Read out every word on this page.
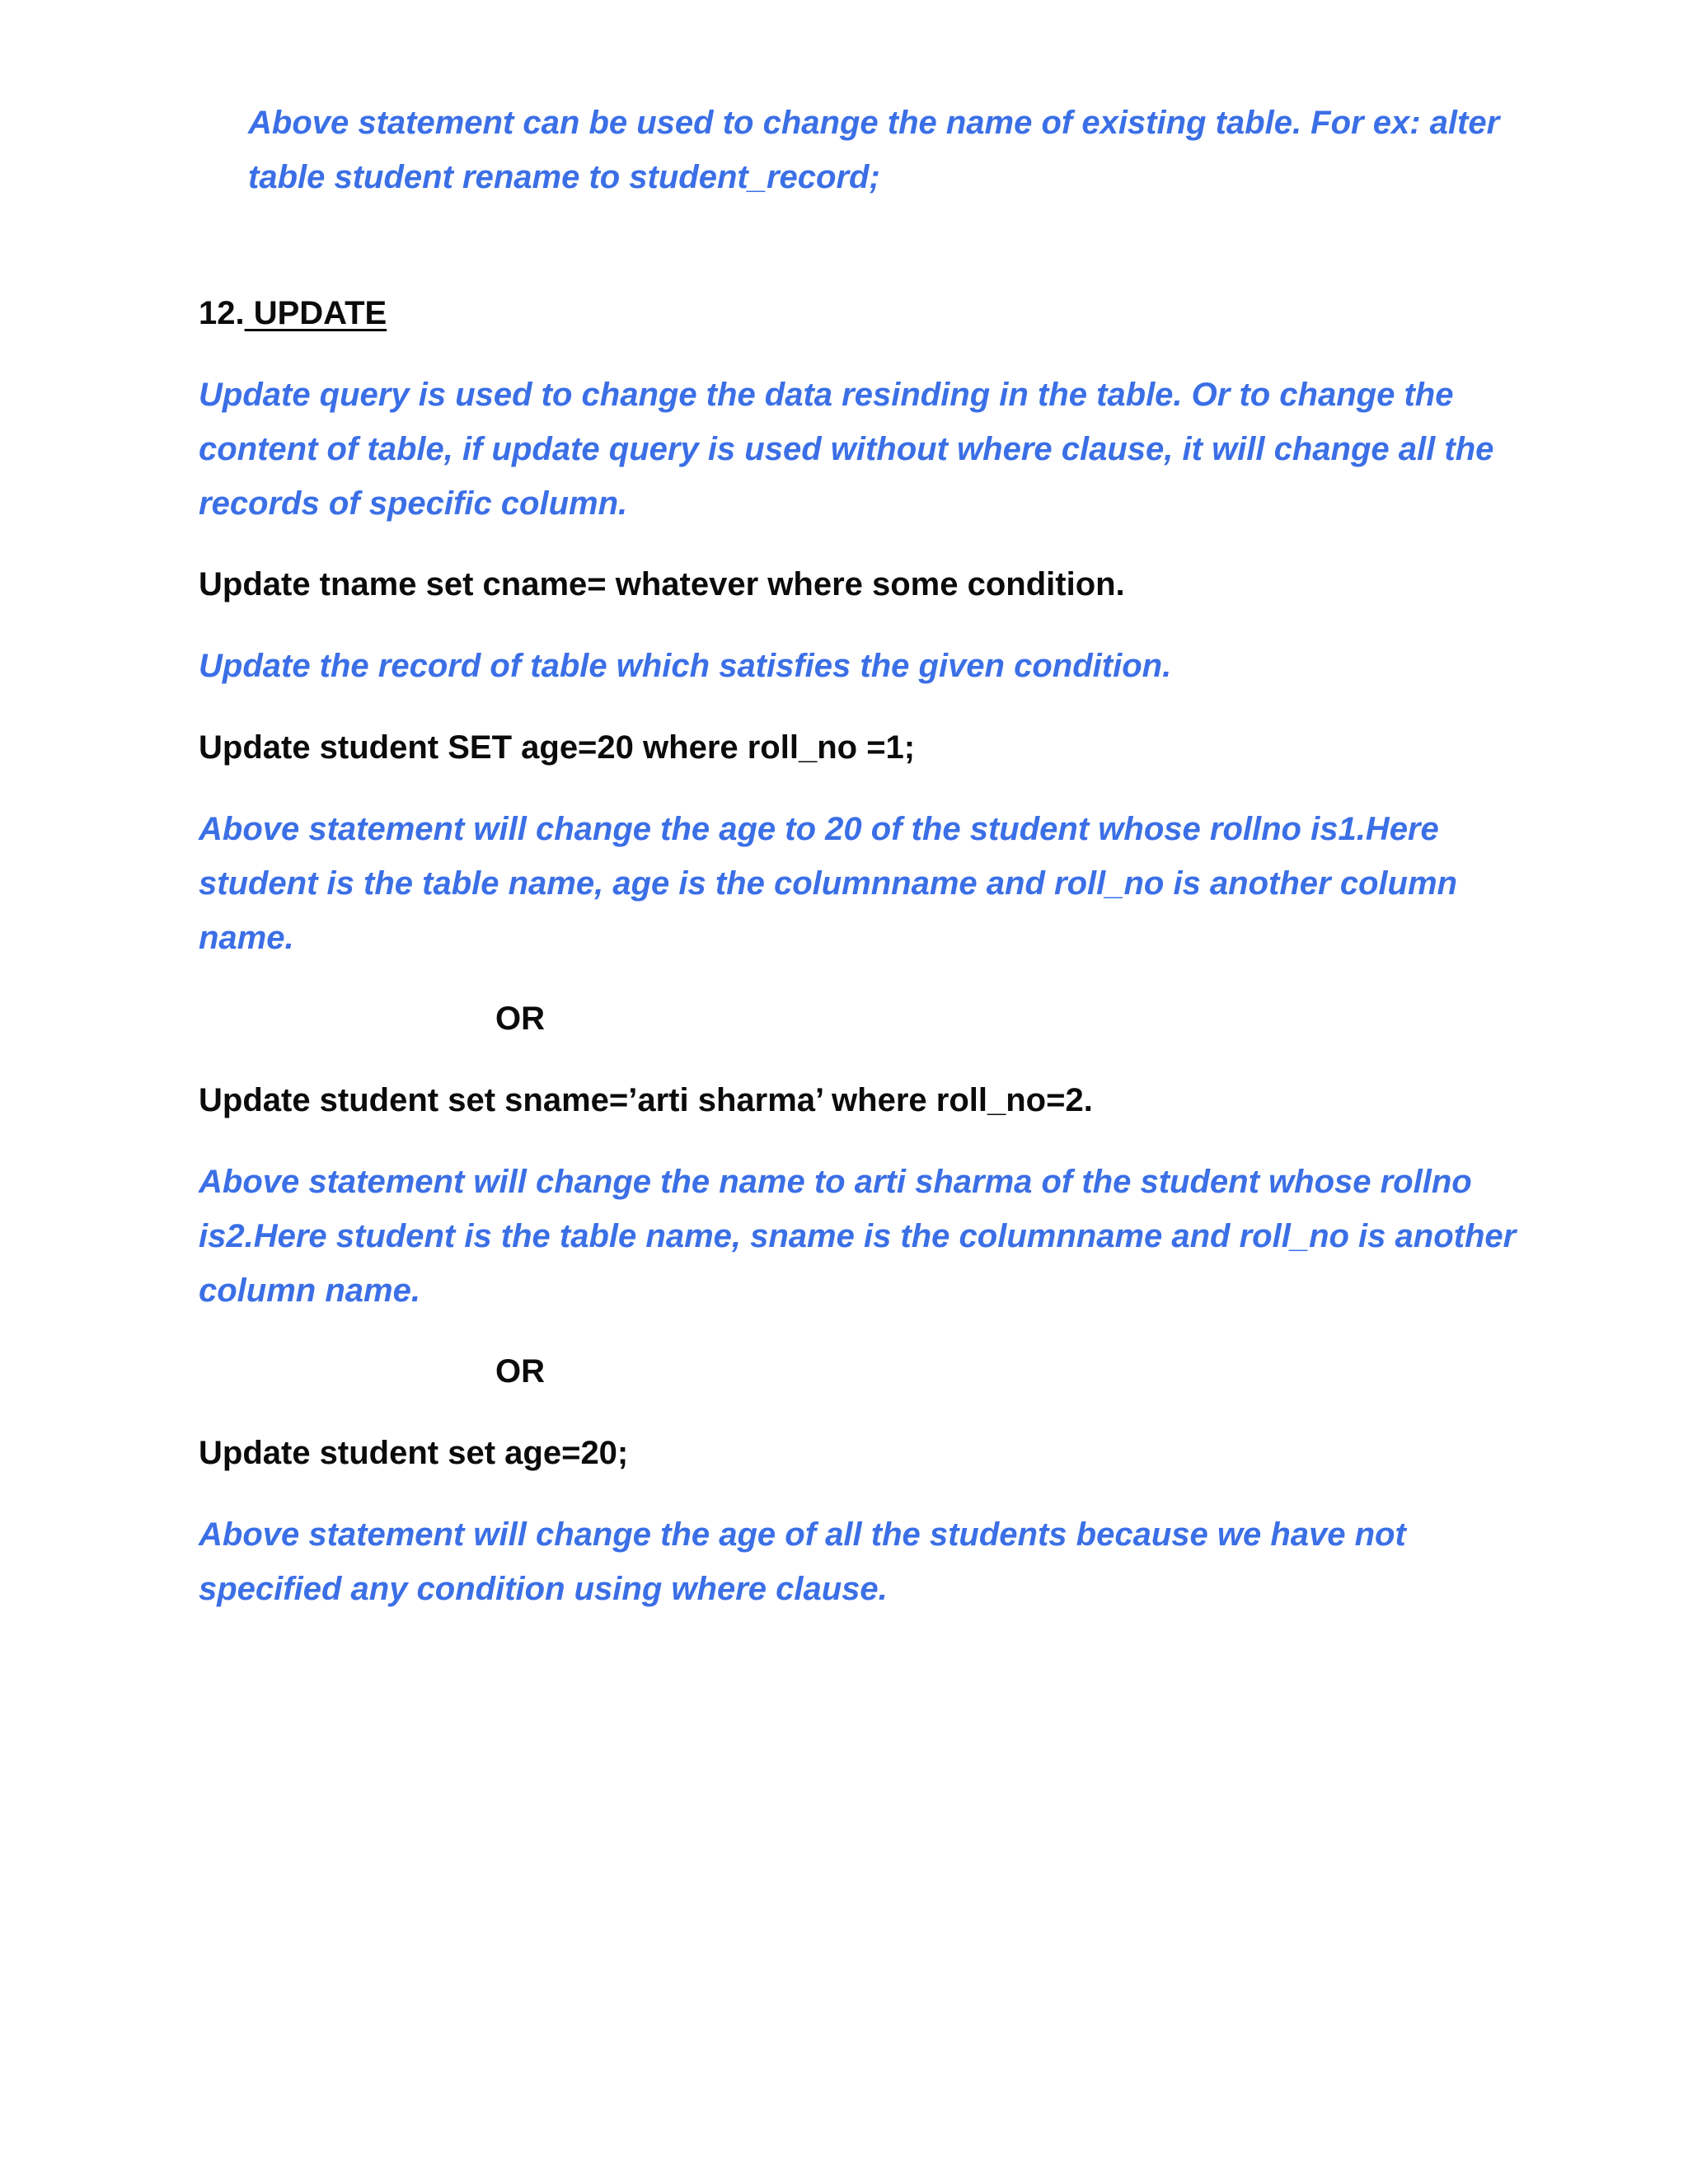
Above statement can be used to change the name of existing table. For ex: alter table student rename to student_record;

12. UPDATE

Update query is used to change the data resinding in the table. Or to change the content of table, if update query is used without where clause, it will change all the records of specific column.

Update tname set cname= whatever where some condition.

Update the record of table which satisfies the given condition.

Update student SET age=20 where roll_no =1;

Above statement will change the age to 20 of the student whose rollno is1.Here student is the table name, age is the columnname and roll_no is another column name.

OR

Update student set sname=’arti sharma’ where roll_no=2.

Above statement will change the name to arti sharma of the student whose rollno is2.Here student is the table name, sname is the columnname and roll_no is another column name.

OR

Update student set age=20;

Above statement will change the age of all the students because we have not specified any condition using where clause.
